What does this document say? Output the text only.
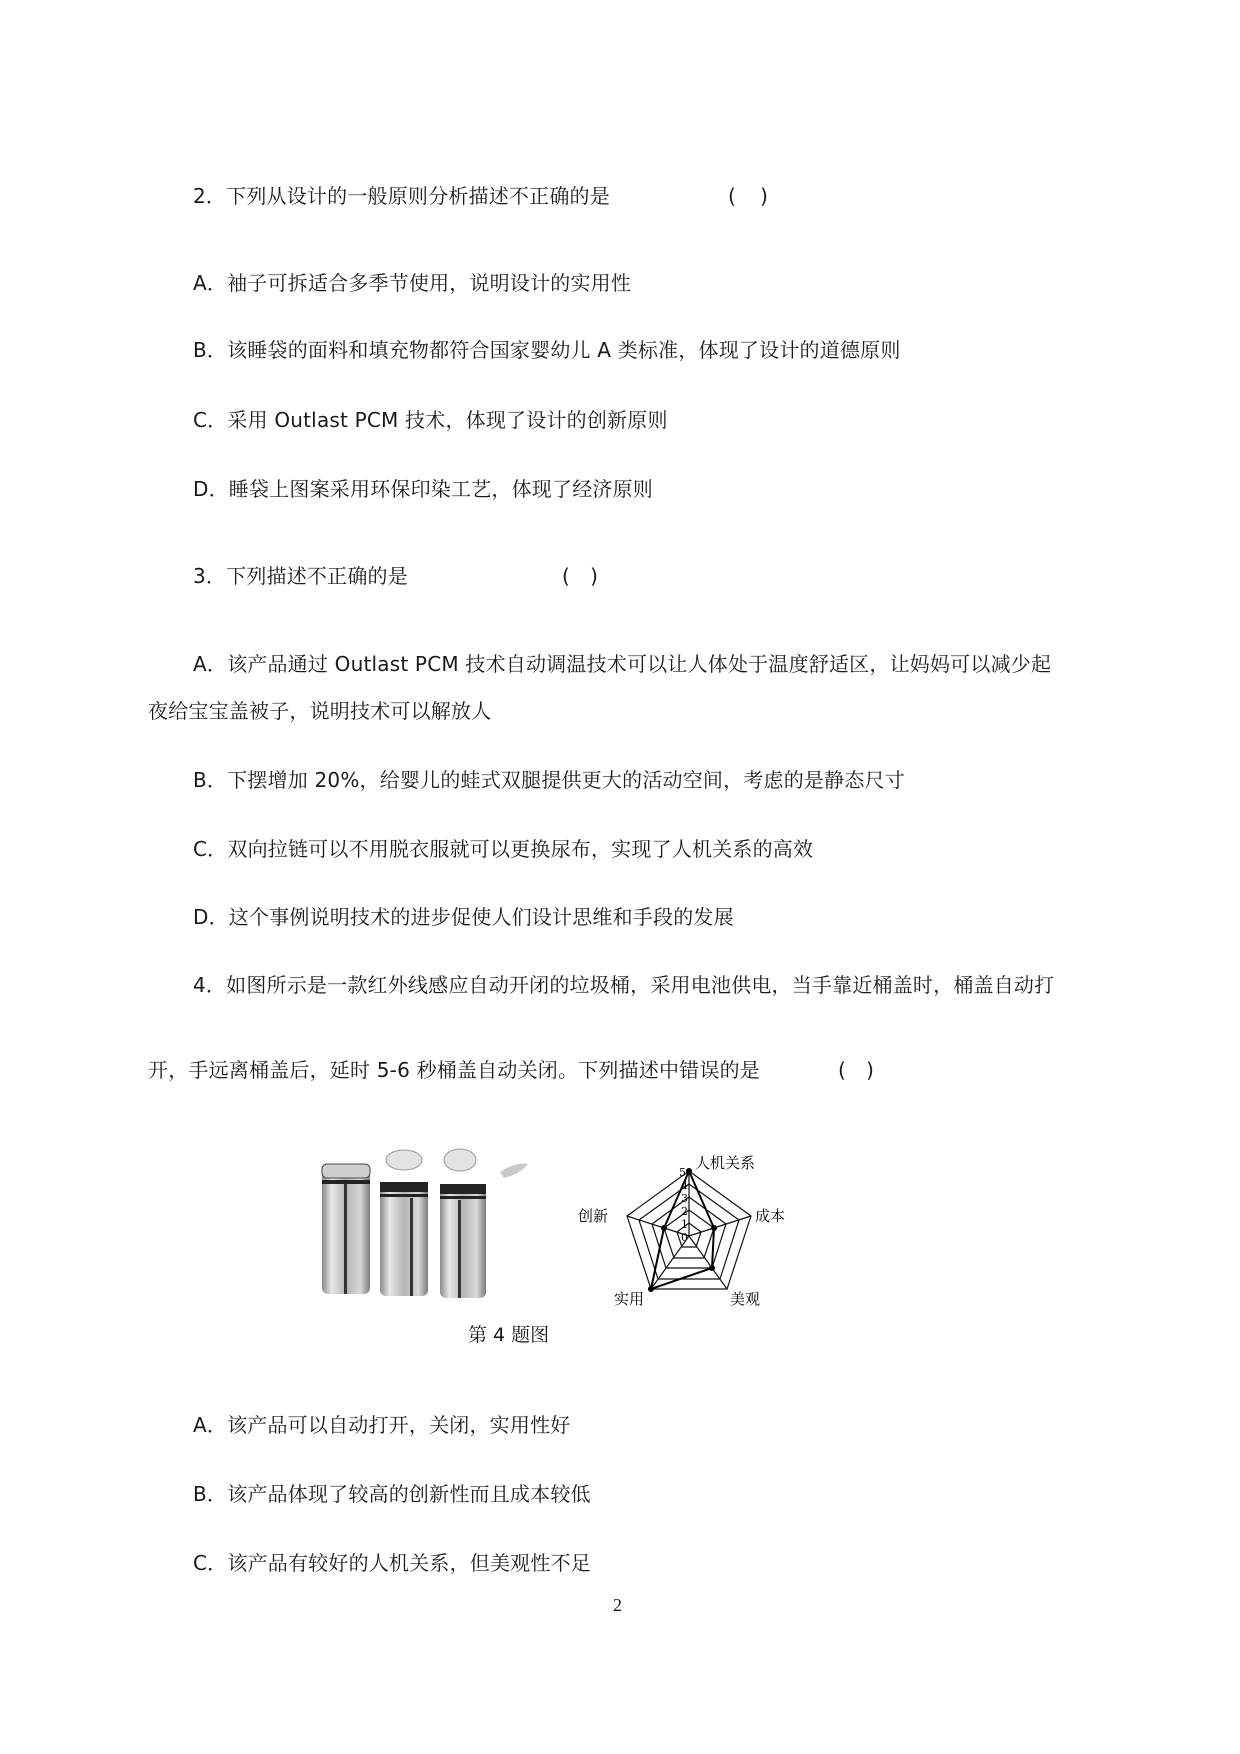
2．下列从设计的一般原则分析描述不正确的是	( )
A．袖子可拆适合多季节使用，说明设计的实用性
B．该睡袋的面料和填充物都符合国家婴幼儿 A 类标准，体现了设计的道德原则
C．采用 Outlast PCM 技术，体现了设计的创新原则
D．睡袋上图案采用环保印染工艺，体现了经济原则
3．下列描述不正确的是	( )
A．该产品通过 Outlast PCM 技术自动调温技术可以让人体处于温度舒适区，让妈妈可以减少起
夜给宝宝盖被子，说明技术可以解放人
B．下摆增加 20%，给婴儿的蛙式双腿提供更大的活动空间，考虑的是静态尺寸
C．双向拉链可以不用脱衣服就可以更换尿布，实现了人机关系的高效
D．这个事例说明技术的进步促使人们设计思维和手段的发展
4．如图所示是一款红外线感应自动开闭的垃圾桶，采用电池供电，当手靠近桶盖时，桶盖自动打
开，手远离桶盖后，延时 5-6 秒桶盖自动关闭。下列描述中错误的是	( )
5
4
3
2
1
0
人机关系
成本
美观
实用
创新
第 4 题图
A．该产品可以自动打开，关闭，实用性好
B．该产品体现了较高的创新性而且成本较低
C．该产品有较好的人机关系，但美观性不足
2
